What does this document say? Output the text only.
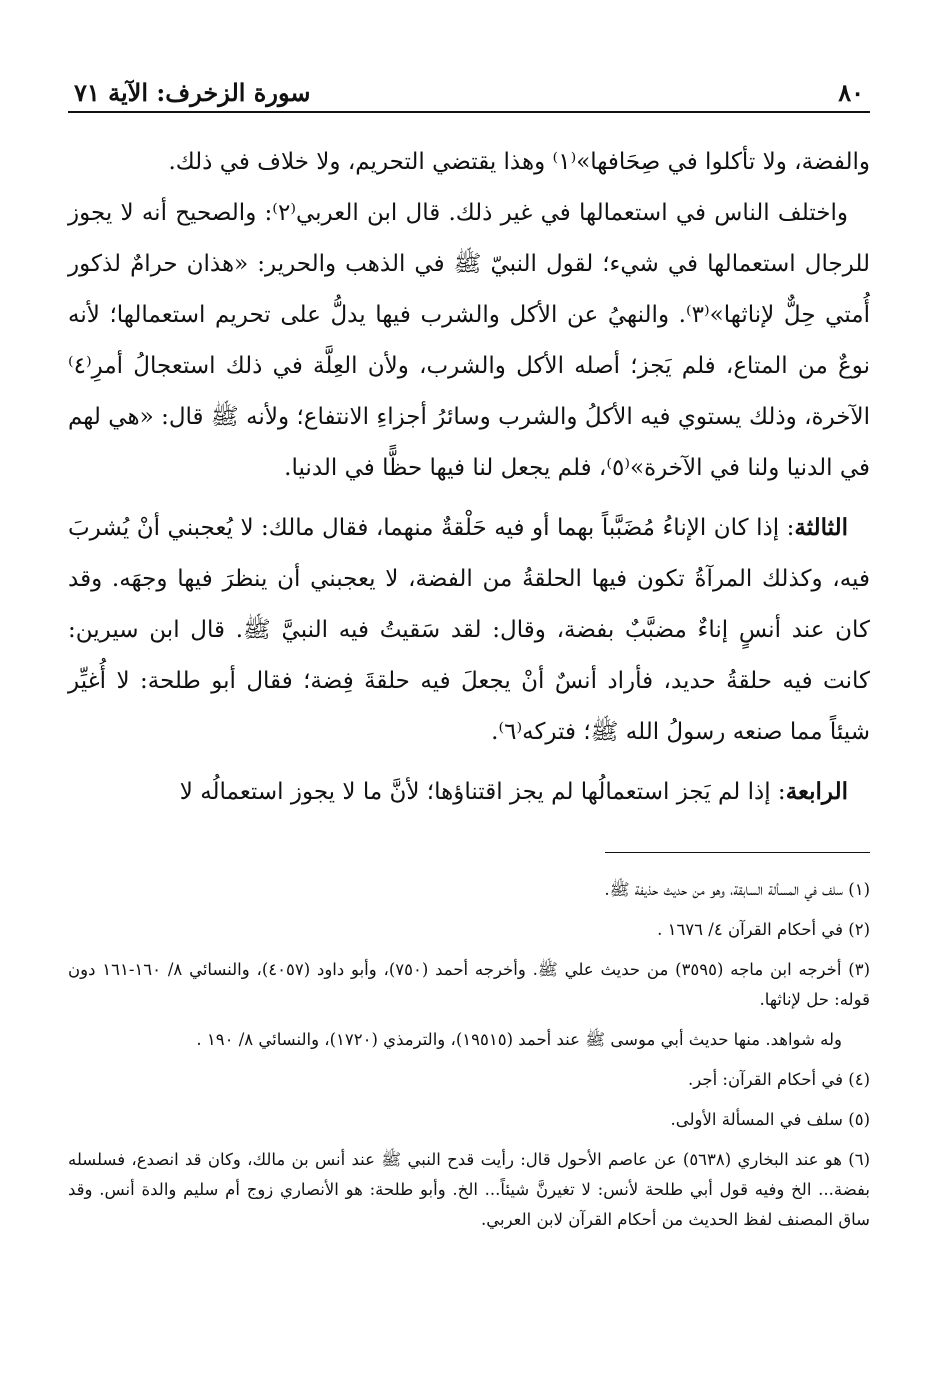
٨٠
سورة الزخرف: الآية ٧١

والفضة، ولا تأكلوا في صِحَافها»⁽١⁾ وهذا يقتضي التحريم، ولا خلاف في ذلك.

واختلف الناس في استعمالها في غير ذلك. قال ابن العربي⁽٢⁾: والصحيح أنه لا يجوز للرجال استعمالها في شيء؛ لقول النبيّ ﷺ في الذهب والحرير: «هذان حرامٌ لذكور أُمتي حِلٌّ لإناثها»⁽٣⁾. والنهيُ عن الأكل والشرب فيها يدلُّ على تحريم استعمالها؛ لأنه نوعٌ من المتاع، فلم يَجز؛ أصله الأكل والشرب، ولأن العِلَّة في ذلك استعجالُ أمرِ⁽٤⁾ الآخرة، وذلك يستوي فيه الأكلُ والشرب وسائرُ أجزاءِ الانتفاع؛ ولأنه ﷺ قال: «هي لهم في الدنيا ولنا في الآخرة»⁽٥⁾، فلم يجعل لنا فيها حظًّا في الدنيا.

الثالثة: إذا كان الإناءُ مُضَبَّباً بهما أو فيه حَلْقةٌ منهما، فقال مالك: لا يُعجبني أنْ يُشربَ فيه، وكذلك المرآةُ تكون فيها الحلقةُ من الفضة، لا يعجبني أن ينظرَ فيها وجهَه. وقد كان عند أنسٍ إناءٌ مضبَّبٌ بفضة، وقال: لقد سَقيتُ فيه النبيَّ ﷺ. قال ابن سيرين: كانت فيه حلقةُ حديد، فأراد أنسٌ أنْ يجعلَ فيه حلقةَ فِضة؛ فقال أبو طلحة: لا أُغيِّر شيئاً مما صنعه رسولُ الله ﷺ؛ فتركه⁽٦⁾.

الرابعة: إذا لم يَجز استعمالُها لم يجز اقتناؤها؛ لأنَّ ما لا يجوز استعمالُه لا

(١) سلف في المسألة السابقة، وهو من حديث حذيفة ﷺ.

(٢) في أحكام القرآن ٤/ ١٦٧٦ .

(٣) أخرجه ابن ماجه (٣٥٩٥) من حديث علي ﷺ. وأخرجه أحمد (٧٥٠)، وأبو داود (٤٠٥٧)، والنسائي ٨/ ١٦٠-١٦١ دون قوله: حل لإناثها.

وله شواهد. منها حديث أبي موسى ﷺ عند أحمد (١٩٥١٥)، والترمذي (١٧٢٠)، والنسائي ٨/ ١٩٠ .

(٤) في أحكام القرآن: أجر.

(٥) سلف في المسألة الأولى.

(٦) هو عند البخاري (٥٦٣٨) عن عاصم الأحول قال: رأيت قدح النبي ﷺ عند أنس بن مالك، وكان قد انصدع، فسلسله بفضة... الخ وفيه قول أبي طلحة لأنس: لا تغيرنَّ شيئاً... الخ. وأبو طلحة: هو الأنصاري زوج أم سليم والدة أنس. وقد ساق المصنف لفظ الحديث من أحكام القرآن لابن العربي.
